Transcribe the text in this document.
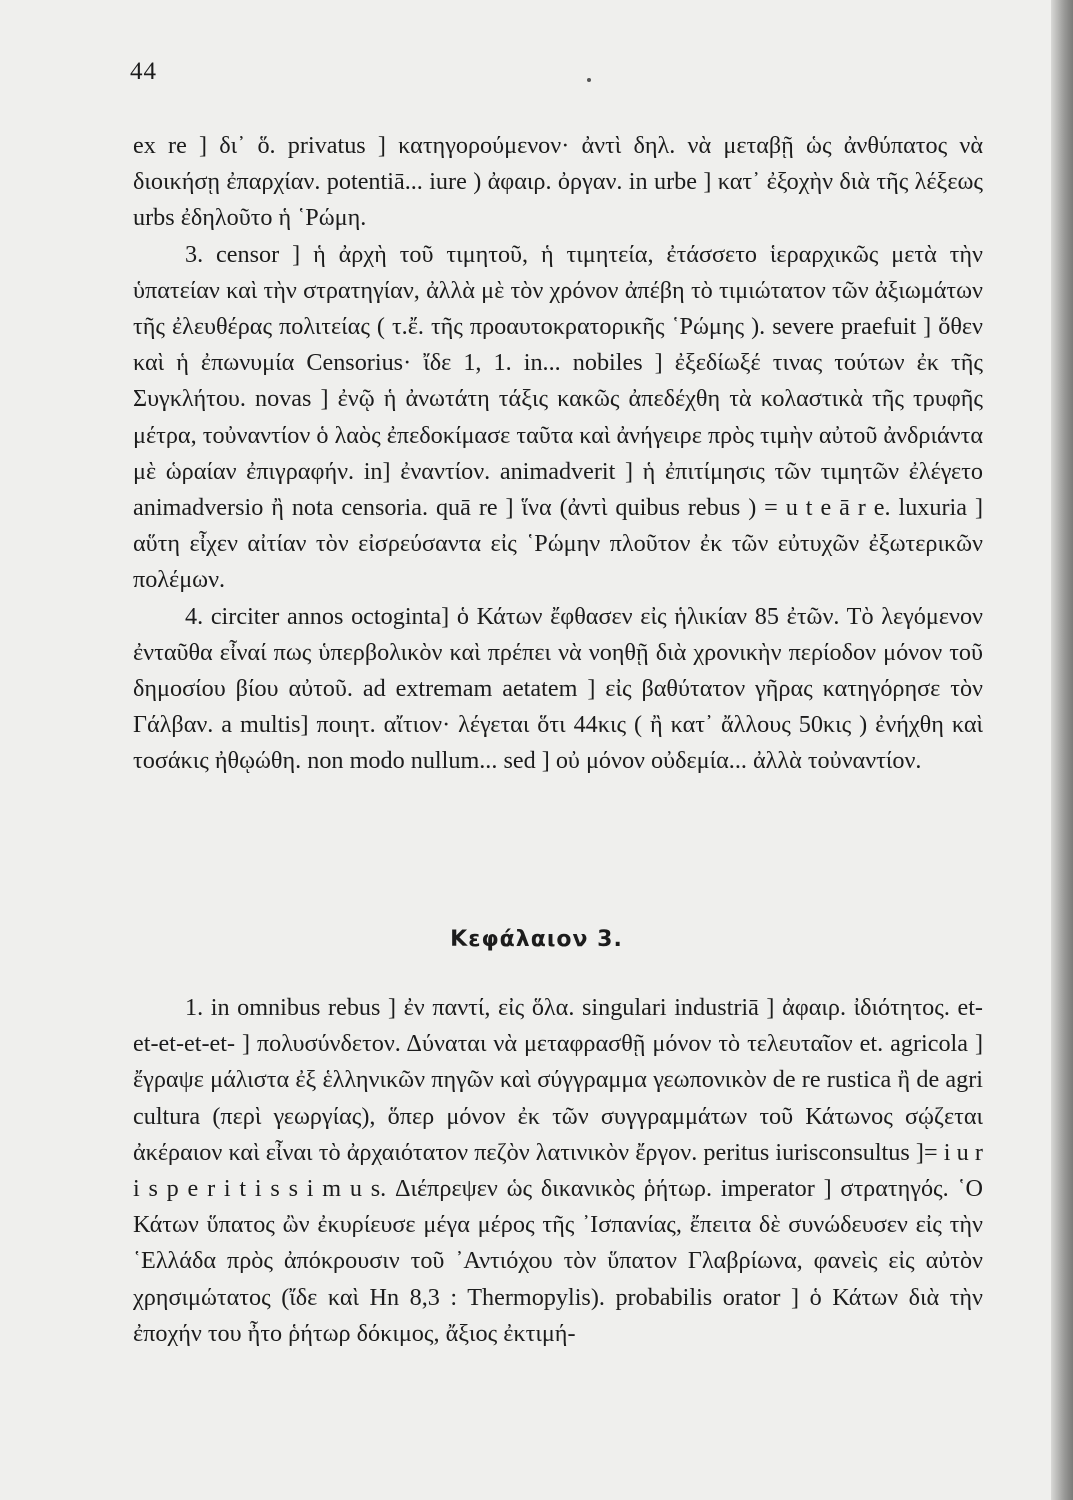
44

ex re ] δι᾽ ὅ. privatus ] κατηγορούμενον· ἀντὶ δηλ. νὰ μεταβῇ ὡς ἀνθύπατος νὰ διοικήσῃ ἐπαρχίαν. potentiā... iure ) ἀφαιρ. ὀργαν. in urbe ] κατ᾽ ἐξοχὴν διὰ τῆς λέξεως urbs ἐδηλοῦτο ἡ ῾Ρώμη.

3. censor ] ἡ ἀρχὴ τοῦ τιμητοῦ, ἡ τιμητεία, ἐτάσσετο ἱεραρχικῶς μετὰ τὴν ὑπατείαν καὶ τὴν στρατηγίαν, ἀλλὰ μὲ τὸν χρόνον ἀπέβη τὸ τιμιώτατον τῶν ἀξιωμάτων τῆς ἐλευθέρας πολιτείας ( τ.ἔ. τῆς προαυτοκρατορικῆς ῾Ρώμης ). severe praefuit ] ὅθεν καὶ ἡ ἐπωνυμία Censorius· ἴδε 1, 1. in... nobiles ] ἐξεδίωξέ τινας τούτων ἐκ τῆς Συγκλήτου. novas ] ἐνῷ ἡ ἀνωτάτη τάξις κακῶς ἀπεδέχθη τὰ κολαστικὰ τῆς τρυφῆς μέτρα, τοὐναντίον ὁ λαὸς ἐπεδοκίμασε ταῦτα καὶ ἀνήγειρε πρὸς τιμὴν αὐτοῦ ἀνδριάντα μὲ ὡραίαν ἐπιγραφήν. in] ἐναντίον. animadverit ] ἡ ἐπιτίμησις τῶν τιμητῶν ἐλέγετο animadversio ἢ nota censoria. quā re ] ἵνα (ἀντὶ quibus rebus ) = u t e ā r e. luxuria ] αὕτη εἶχεν αἰτίαν τὸν εἰσρεύσαντα εἰς ῾Ρώμην πλοῦτον ἐκ τῶν εὐτυχῶν ἐξωτερικῶν πολέμων.

4. circiter annos octoginta] ὁ Κάτων ἔφθασεν εἰς ἡλικίαν 85 ἐτῶν. Τὸ λεγόμενον ἐνταῦθα εἶναί πως ὑπερβολικὸν καὶ πρέπει νὰ νοηθῇ διὰ χρονικὴν περίοδον μόνον τοῦ δημοσίου βίου αὐτοῦ. ad extremam aetatem ] εἰς βαθύτατον γῆρας κατηγόρησε τὸν Γάλβαν. a multis] ποιητ. αἴτιον· λέγεται ὅτι 44κις ( ἢ κατ᾽ ἄλλους 50κις ) ἐνήχθη καὶ τοσάκις ἠθῳώθη. non modo nullum... sed ] οὐ μόνον οὐδεμία... ἀλλὰ τοὐναντίον.

Κεφάλαιον 3.

1. in omnibus rebus ] ἐν παντί, εἰς ὅλα. singulari industriā ] ἀφαιρ. ἰδιότητος. et-et-et-et-et- ] πολυσύνδετον. Δύναται νὰ μεταφρασθῇ μόνον τὸ τελευταῖον et. agricola ] ἔγραψε μάλιστα ἐξ ἑλληνικῶν πηγῶν καὶ σύγγραμμα γεωπονικὸν de re rustica ἢ de agri cultura (περὶ γεωργίας), ὅπερ μόνον ἐκ τῶν συγγραμμάτων τοῦ Κάτωνος σῴζεται ἀκέραιον καὶ εἶναι τὸ ἀρχαιότατον πεζὸν λατινικὸν ἔργον. peritus iurisconsultus ]= i u r i s p e r i t i s s i m u s. Διέπρεψεν ὡς δικανικὸς ῥήτωρ. imperator ] στρατηγός. ῾Ο Κάτων ὕπατος ὢν ἐκυρίευσε μέγα μέρος τῆς ᾿Ισπανίας, ἔπειτα δὲ συνώδευσεν εἰς τὴν ῾Ελλάδα πρὸς ἀπόκρουσιν τοῦ ᾿Αντιόχου τὸν ὕπατον Γλαβρίωνα, φανεὶς εἰς αὐτὸν χρησιμώτατος (ἴδε καὶ Hn 8,3 : Thermopylis). probabilis orator ] ὁ Κάτων διὰ τὴν ἐποχήν του ἦτο ῥήτωρ δόκιμος, ἄξιος ἐκτιμή-
